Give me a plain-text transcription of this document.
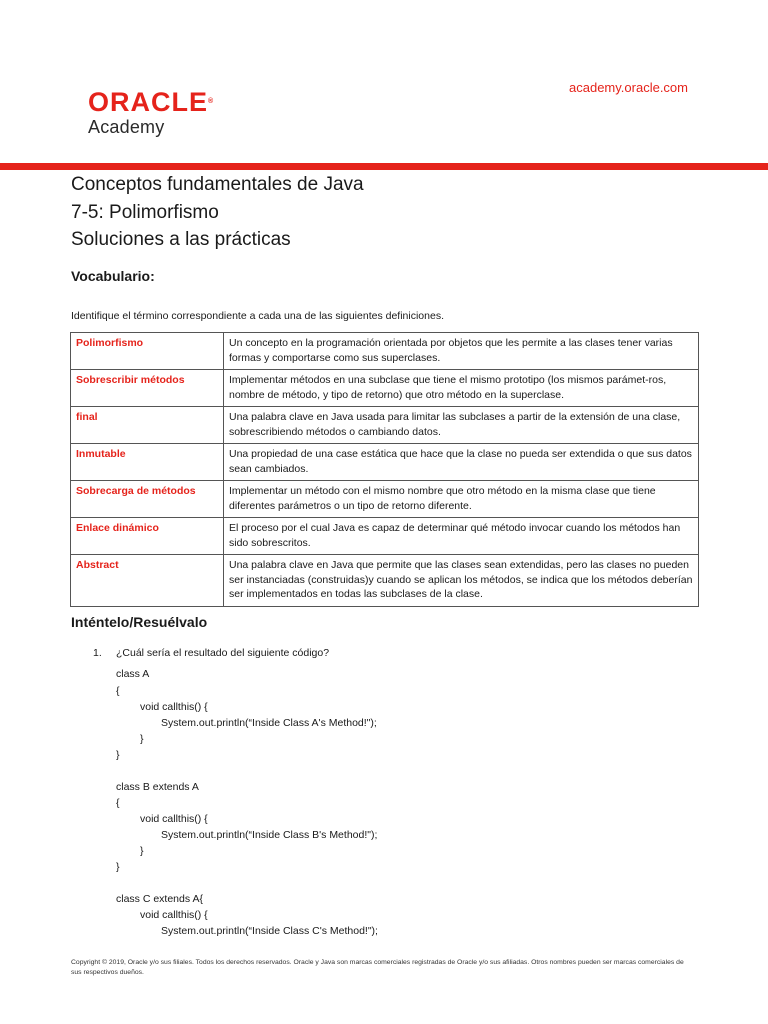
ORACLE®
Academy
academy.oracle.com
Conceptos fundamentales de Java
7-5: Polimorfismo
Soluciones a las prácticas
Vocabulario:
Identifique el término correspondiente a cada una de las siguientes definiciones.
Polimorfismo	Un concepto en la programación orientada por objetos que les permite a las clases tener varias formas y comportarse como sus superclases.
Sobrescribir métodos	Implementar métodos en una subclase que tiene el mismo prototipo (los mismos parámet-ros, nombre de método, y tipo de retorno) que otro método en la superclase.
final	Una palabra clave en Java usada para limitar las subclases a partir de la extensión de una clase, sobrescribiendo métodos o cambiando datos.
Inmutable	Una propiedad de una case estática que hace que la clase no pueda ser extendida o que sus datos sean cambiados.
Sobrecarga de métodos	Implementar un método con el mismo nombre que otro método en la misma clase que tiene diferentes parámetros o un tipo de retorno diferente.
Enlace dinámico	El proceso por el cual Java es capaz de determinar qué método invocar cuando los métodos han sido sobrescritos.
Abstract	Una palabra clave en Java que permite que las clases sean extendidas, pero las clases no pueden ser instanciadas (construidas)y cuando se aplican los métodos, se indica que los métodos deberían ser implementados en todas las subclases de la clase.
Inténtelo/Resuélvalo
1. ¿Cuál sería el resultado del siguiente código?
class A
{
void callthis() {
System.out.println(“Inside Class A's Method!");
}
}
class B extends A
{
void callthis() {
System.out.println(“Inside Class B's Method!");
}
}
class C extends A{
void callthis() {
System.out.println(“Inside Class C's Method!");
Copyright © 2019, Oracle y/o sus filiales. Todos los derechos reservados. Oracle y Java son marcas comerciales registradas de Oracle y/o sus afiliadas. Otros nombres pueden ser marcas comerciales de sus respectivos dueños.
